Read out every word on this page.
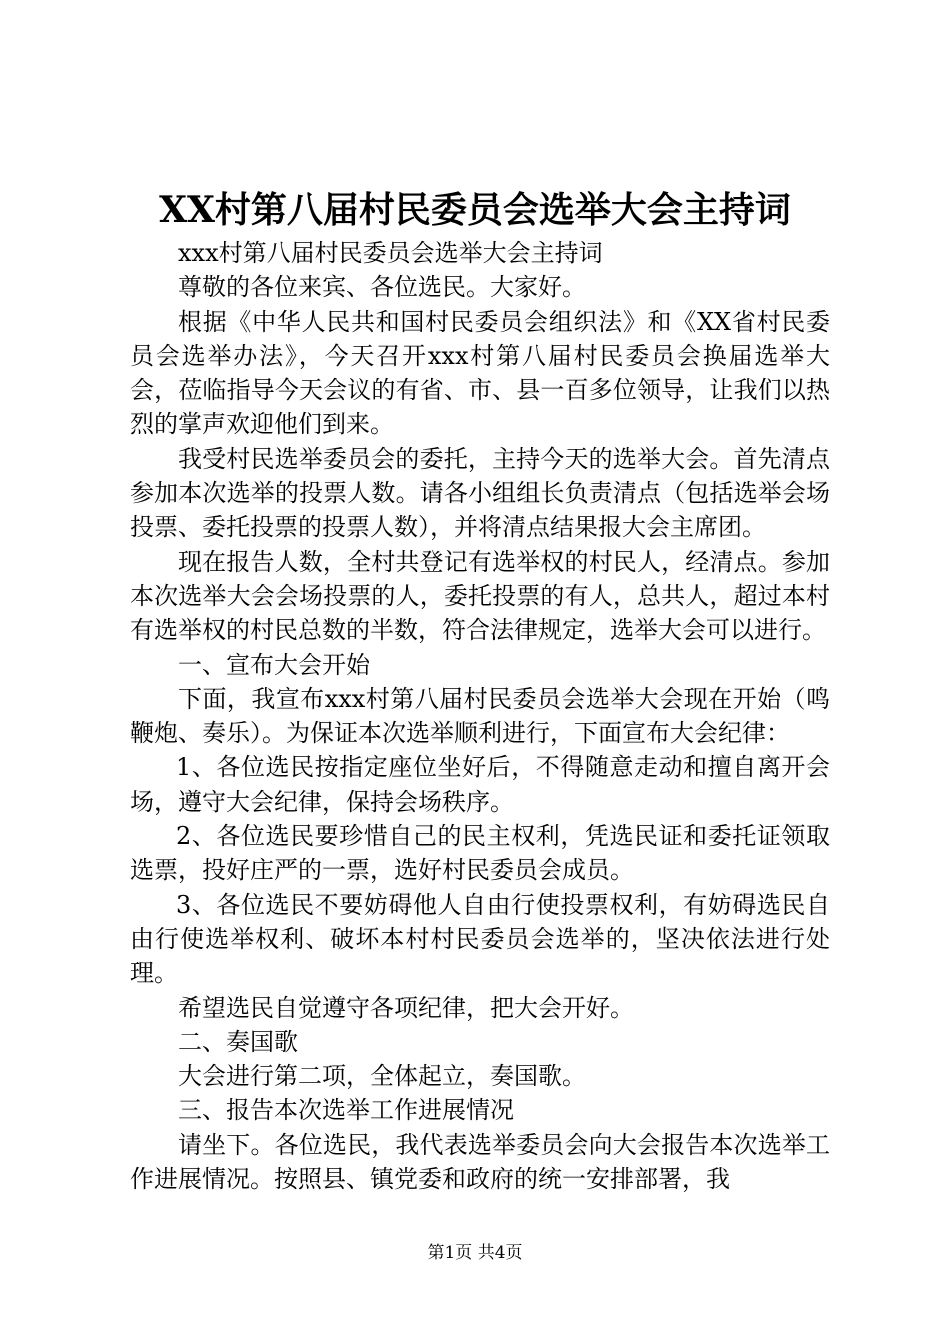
XX村第八届村民委员会选举大会主持词

xxx村第八届村民委员会选举大会主持词

尊敬的各位来宾、各位选民。大家好。

根据《中华人民共和国村民委员会组织法》和《XX省村民委员会选举办法》，今天召开xxx村第八届村民委员会换届选举大会，莅临指导今天会议的有省、市、县一百多位领导，让我们以热烈的掌声欢迎他们到来。

我受村民选举委员会的委托，主持今天的选举大会。首先清点参加本次选举的投票人数。请各小组组长负责清点（包括选举会场投票、委托投票的投票人数），并将清点结果报大会主席团。

现在报告人数，全村共登记有选举权的村民人，经清点。参加本次选举大会会场投票的人，委托投票的有人，总共人，超过本村有选举权的村民总数的半数，符合法律规定，选举大会可以进行。

一、宣布大会开始

下面，我宣布xxx村第八届村民委员会选举大会现在开始（鸣鞭炮、奏乐）。为保证本次选举顺利进行，下面宣布大会纪律：

1、各位选民按指定座位坐好后，不得随意走动和擅自离开会场，遵守大会纪律，保持会场秩序。

2、各位选民要珍惜自己的民主权利，凭选民证和委托证领取选票，投好庄严的一票，选好村民委员会成员。

3、各位选民不要妨碍他人自由行使投票权利，有妨碍选民自由行使选举权利、破坏本村村民委员会选举的，坚决依法进行处理。

希望选民自觉遵守各项纪律，把大会开好。

二、奏国歌

大会进行第二项，全体起立，奏国歌。

三、报告本次选举工作进展情况

请坐下。各位选民，我代表选举委员会向大会报告本次选举工作进展情况。按照县、镇党委和政府的统一安排部署，我

第1页 共4页
